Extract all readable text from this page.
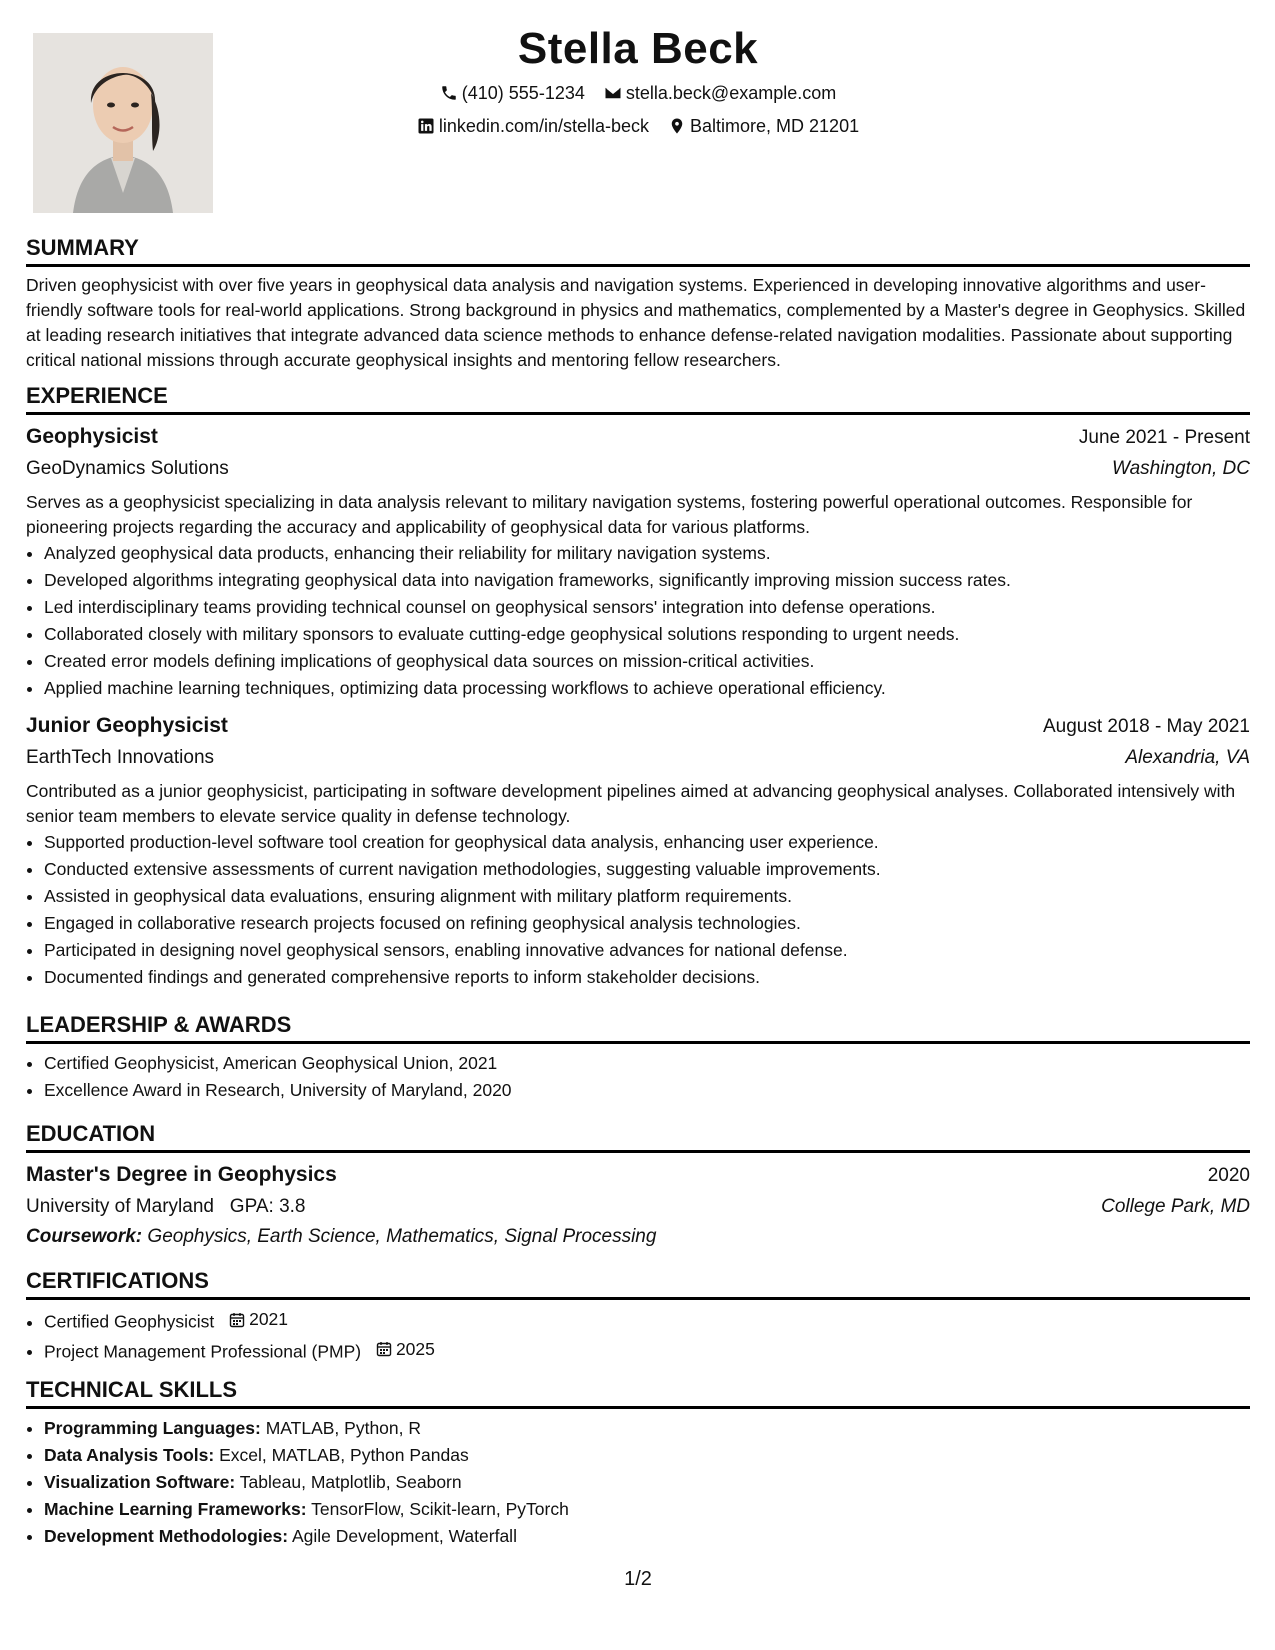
Stella Beck
(410) 555-1234
stella.beck@example.com
linkedin.com/in/stella-beck
Baltimore, MD 21201
SUMMARY

Driven geophysicist with over five years in geophysical data analysis and navigation systems. Experienced in developing innovative algorithms and user-friendly software tools for real-world applications. Strong background in physics and mathematics, complemented by a Master's degree in Geophysics. Skilled at leading research initiatives that integrate advanced data science methods to enhance defense-related navigation modalities. Passionate about supporting critical national missions through accurate geophysical insights and mentoring fellow researchers.

EXPERIENCE
Geophysicist	June 2021 - Present
GeoDynamics Solutions	Washington, DC

Serves as a geophysicist specializing in data analysis relevant to military navigation systems, fostering powerful operational outcomes. Responsible for pioneering projects regarding the accuracy and applicability of geophysical data for various platforms.

• Analyzed geophysical data products, enhancing their reliability for military navigation systems.
• Developed algorithms integrating geophysical data into navigation frameworks, significantly improving mission success rates.
• Led interdisciplinary teams providing technical counsel on geophysical sensors' integration into defense operations.
• Collaborated closely with military sponsors to evaluate cutting-edge geophysical solutions responding to urgent needs.
• Created error models defining implications of geophysical data sources on mission-critical activities.
• Applied machine learning techniques, optimizing data processing workflows to achieve operational efficiency.
Junior Geophysicist	August 2018 - May 2021
EarthTech Innovations	Alexandria, VA

Contributed as a junior geophysicist, participating in software development pipelines aimed at advancing geophysical analyses. Collaborated intensively with senior team members to elevate service quality in defense technology.

• Supported production-level software tool creation for geophysical data analysis, enhancing user experience.
• Conducted extensive assessments of current navigation methodologies, suggesting valuable improvements.
• Assisted in geophysical data evaluations, ensuring alignment with military platform requirements.
• Engaged in collaborative research projects focused on refining geophysical analysis technologies.
• Participated in designing novel geophysical sensors, enabling innovative advances for national defense.
• Documented findings and generated comprehensive reports to inform stakeholder decisions.
LEADERSHIP & AWARDS
• Certified Geophysicist, American Geophysical Union, 2021
• Excellence Award in Research, University of Maryland, 2020
EDUCATION
Master's Degree in Geophysics	2020
University of Maryland GPA: 3.8	College Park, MD
Coursework: Geophysics, Earth Science, Mathematics, Signal Processing
CERTIFICATIONS
• Certified Geophysicist 2021
• Project Management Professional (PMP) 2025
TECHNICAL SKILLS
• Programming Languages: MATLAB, Python, R
• Data Analysis Tools: Excel, MATLAB, Python Pandas
• Visualization Software: Tableau, Matplotlib, Seaborn
• Machine Learning Frameworks: TensorFlow, Scikit-learn, PyTorch
• Development Methodologies: Agile Development, Waterfall
1/2
